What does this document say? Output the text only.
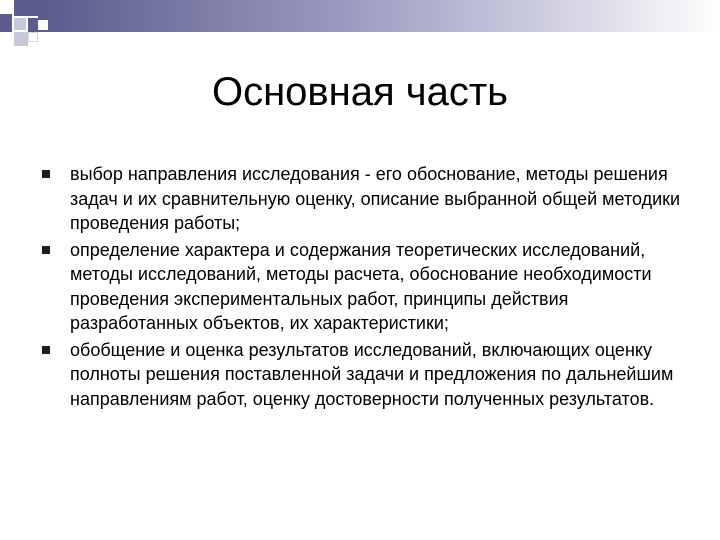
Основная часть
выбор направления исследования - его обоснование, методы решения задач и их сравнительную оценку, описание выбранной общей методики проведения работы;
определение характера и содержания теоретических исследований, методы исследований, методы расчета, обоснование необходимости проведения экспериментальных работ, принципы действия разработанных объектов, их характеристики;
обобщение и оценка результатов исследований, включающих оценку полноты решения поставленной задачи и предложения по дальнейшим направлениям работ, оценку достоверности полученных результатов.
